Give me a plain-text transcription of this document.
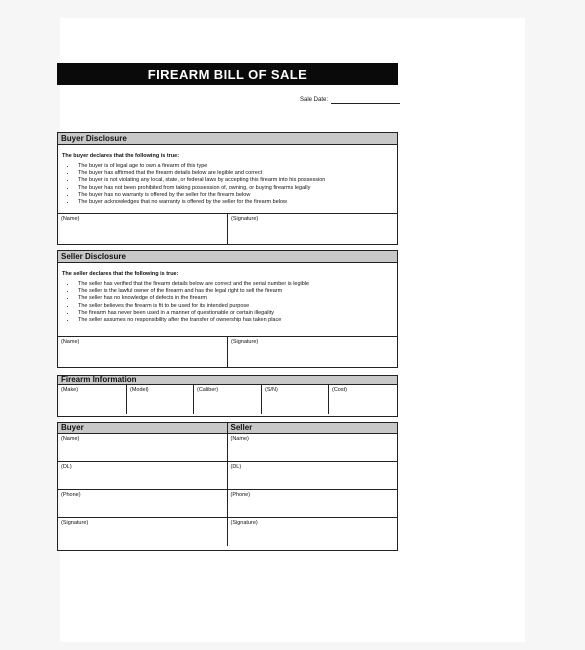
FIREARM BILL OF SALE
Sale Date:
Buyer Disclosure
The buyer declares that the following is true:
• The buyer is of legal age to own a firearm of this type
• The buyer has affirmed that the firearm details below are legible and correct
• The buyer is not violating any local, state, or federal laws by accepting this firearm into his possession
• The buyer has not been prohibited from taking possession of, owning, or buying firearms legally
• The buyer has no warranty is offered by the seller for the firearm below
• The buyer acknowledges that no warranty is offered by the seller for the firearm below
(Name)	(Signature)
Seller Disclosure
The seller declares that the following is true:
• The seller has verified that the firearm details below are correct and the serial number is legible
• The seller is the lawful owner of the firearm and has the legal right to sell the firearm
• The seller has no knowledge of defects in the firearm
• The seller believes the firearm is fit to be used for its intended purpose
• The firearm has never been used in a manner of questionable or certain illegality
• The seller assumes no responsibility after the transfer of ownership has taken place
(Name)	(Signature)
Firearm Information
(Make)	(Model)	(Caliber)	(S/N)	(Cost)
Buyer	Seller
(Name)	(Name)
(DL)	(DL)
(Phone)	(Phone)
(Signature)	(Signature)
